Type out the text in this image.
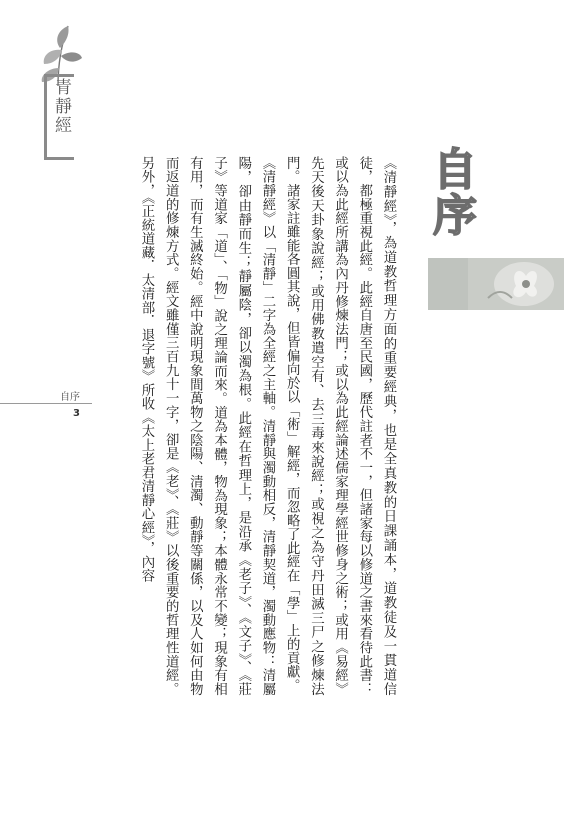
青靜經
自序
自序
3	《清靜經》，為道教哲理方面的重要經典，也是全真教的日課誦本，道教徒及一貫道信徒，都極重視此經。此經自唐至民國，歷代註者不一，但諸家每以修道之書來看待此書：或以為此經所講為內丹修煉法門；或以為此經論述儒家理學經世修身之術；或用《易經》先天後天卦象說經；或用佛教遣空有、去三毒來說經；或視之為守丹田滅三尸之修煉法門。諸家註雖能各圓其說，但皆偏向於以「術」解經，而忽略了此經在「學」上的貢獻。

《清靜經》以「清靜」二字為全經之主軸。清靜與濁動相反，清靜契道，濁動應物：清屬陽，卻由靜而生；靜屬陰，卻以濁為根。此經在哲理上，是沿承《老子》、《文子》、《莊子》等道家「道」、「物」說之理論而來。道為本體，物為現象；本體永常不變；現象有相有用，而有生滅終始。經中說明現象間萬物之陰陽、清濁、動靜等關係，以及人如何由物而返道的修煉方式。經文雖僅三百九十一字，卻是《老》、《莊》以後重要的哲理性道經。另外，《正統道藏．太清部．退字號》所收《太上老君清靜心經》，內容
